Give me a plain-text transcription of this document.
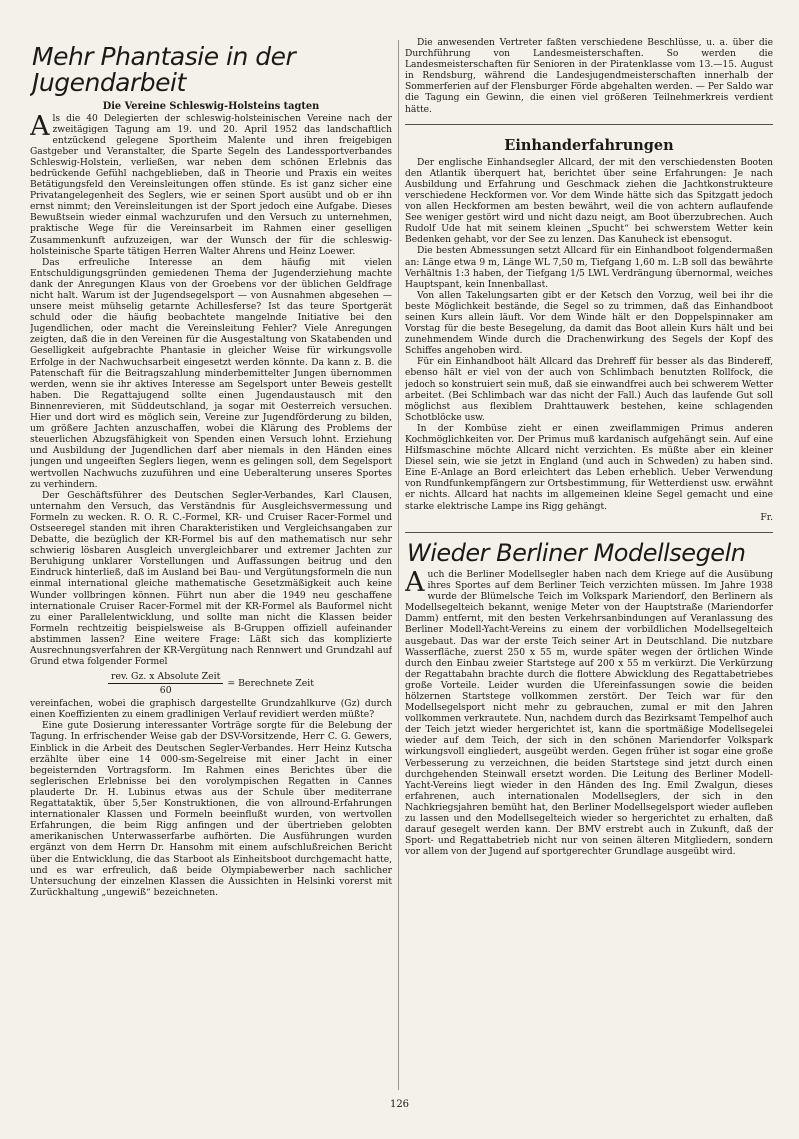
Mehr Phantasie in der Jugendarbeit
Die Vereine Schleswig-Holsteins tagten

Als die 40 Delegierten der schleswig-holsteinischen Vereine nach der zweitägigen Tagung am 19. und 20. April 1952 das landschaftlich entzückend gelegene Sportheim Malente und ihren freigebigen Gastgeber und Veranstalter, die Sparte Segeln des Landessportverbandes Schleswig-Holstein, verließen, war neben dem schönen Erlebnis das bedrückende Gefühl nachgeblieben, daß in Theorie und Praxis ein weites Betätigungsfeld den Vereinsleitungen offen stünde. Es ist ganz sicher eine Privatangelegenheit des Seglers, wie er seinen Sport ausübt und ob er ihn ernst nimmt; den Vereinsleitungen ist der Sport jedoch eine Aufgabe. Dieses Bewußtsein wieder einmal wachzurufen und den Versuch zu unternehmen, praktische Wege für die Vereinsarbeit im Rahmen einer geselligen Zusammenkunft aufzuzeigen, war der Wunsch der für die schleswig-holsteinische Sparte tätigen Herren Walter Ahrens und Heinz Loewer.

Das erfreuliche Interesse an dem häufig mit vielen Entschuldigungsgründen gemiedenen Thema der Jugenderziehung machte dank der Anregungen Klaus von der Groebens vor der üblichen Geldfrage nicht halt. Warum ist der Jugendsegelsport — von Ausnahmen abgesehen — unsere meist mühselig getarnte Achillesferse? Ist das teure Sportgerät schuld oder die häufig beobachtete mangelnde Initiative bei den Jugendlichen, oder macht die Vereinsleitung Fehler? Viele Anregungen zeigten, daß die in den Vereinen für die Ausgestaltung von Skatabenden und Geselligkeit aufgebrachte Phantasie in gleicher Weise für wirkungsvolle Erfolge in der Nachwuchsarbeit eingesetzt werden könnte. Da kann z. B. die Patenschaft für die Beitragszahlung minderbemittelter Jungen übernommen werden, wenn sie ihr aktives Interesse am Segelsport unter Beweis gestellt haben. Die Regattajugend sollte einen Jugendaustausch mit den Binnenrevieren, mit Süddeutschland, ja sogar mit Oesterreich versuchen. Hier und dort wird es möglich sein, Vereine zur Jugendförderung zu bilden, um größere Jachten anzuschaffen, wobei die Klärung des Problems der steuerlichen Abzugsfähigkeit von Spenden einen Versuch lohnt. Erziehung und Ausbildung der Jugendlichen darf aber niemals in den Händen eines jungen und ungeeiften Seglers liegen, wenn es gelingen soll, dem Segelsport wertvollen Nachwuchs zuzuführen und eine Ueberalterung unseres Sportes zu verhindern.

Der Geschäftsführer des Deutschen Segler-Verbandes, Karl Clausen, unternahm den Versuch, das Verständnis für Ausgleichsvermessung und Formeln zu wecken. R. O. R. C.-Formel, KR- und Cruiser Racer-Formel und Ostseeregel standen mit ihren Charakteristiken und Vergleichsangaben zur Debatte, die bezüglich der KR-Formel bis auf den mathematisch nur sehr schwierig lösbaren Ausgleich unvergleichbarer und extremer Jachten zur Beruhigung unklarer Vorstellungen und Auffassungen beitrug und den Eindruck hinterließ, daß im Ausland bei Bau- und Vergütungsformeln die nun einmal international gleiche mathematische Gesetzmäßigkeit auch keine Wunder vollbringen können. Führt nun aber die 1949 neu geschaffene internationale Cruiser Racer-Formel mit der KR-Formel als Bauformel nicht zu einer Parallelentwicklung, und sollte man nicht die Klassen beider Formeln rechtzeitig beispielsweise als B-Gruppen offiziell aufeinander abstimmen lassen? Eine weitere Frage: Läßt sich das komplizierte Ausrechnungsverfahren der KR-Vergütung nach Rennwert und Grundzahl auf Grund etwa folgender Formel

$\frac{\text{rev. Gz. x Absolute Zeit}}{60}$ = Berechnete Zeit

vereinfachen, wobei die graphisch dargestellte Grundzahlkurve (Gz) durch einen Koeffizienten zu einem gradlinigen Verlauf revidiert werden müßte?

Eine gute Dosierung interessanter Vorträge sorgte für die Belebung der Tagung. In erfrischender Weise gab der DSV-Vorsitzende, Herr C. G. Gewers, Einblick in die Arbeit des Deutschen Segler-Verbandes. Herr Heinz Kutscha erzählte über eine 14 000-sm-Segelreise mit einer Jacht in einer begeisternden Vortragsform. Im Rahmen eines Berichtes über die seglerischen Erlebnisse bei den vorolympischen Regatten in Cannes plauderte Dr. H. Lubinus etwas aus der Schule über mediterrane Regattataktik, über 5,5er Konstruktionen, die von allround-Erfahrungen internationaler Klassen und Formeln beeinflußt wurden, von wertvollen Erfahrungen, die beim Rigg anfingen und der übertrieben gelobten amerikanischen Unterwasserfarbe aufhörten. Die Ausführungen wurden ergänzt von dem Herrn Dr. Hansohm mit einem aufschlußreichen Bericht über die Entwicklung, die das Starboot als Einheitsboot durchgemacht hatte, und es war erfreulich, daß beide Olympiabewerber nach sachlicher Untersuchung der einzelnen Klassen die Aussichten in Helsinki vorerst mit Zurückhaltung „ungewiß“ bezeichneten.

Die anwesenden Vertreter faßten verschiedene Beschlüsse, u. a. über die Durchführung von Landesmeisterschaften. So werden die Landesmeisterschaften für Senioren in der Piratenklasse vom 13.—15. August in Rendsburg, während die Landesjugendmeisterschaften innerhalb der Sommerferien auf der Flensburger Förde abgehalten werden. — Per Saldo war die Tagung ein Gewinn, die einen viel größeren Teilnehmerkreis verdient hätte.

Einhanderfahrungen

Der englische Einhandsegler Allcard, der mit den verschiedensten Booten den Atlantik überquert hat, berichtet über seine Erfahrungen: Je nach Ausbildung und Erfahrung und Geschmack ziehen die Jachtkonstrukteure verschiedene Heckformen vor. Vor dem Winde hätte sich das Spitzgatt jedoch von allen Heckformen am besten bewährt, weil die von achtern auflaufende See weniger gestört wird und nicht dazu neigt, am Boot überzubrechen. Auch Rudolf Ude hat mit seinem kleinen „Spucht“ bei schwerstem Wetter kein Bedenken gehabt, vor der See zu lenzen. Das Kanuheck ist ebensogut.

Die besten Abmessungen setzt Allcard für ein Einhandboot folgendermaßen an: Länge etwa 9 m, Länge WL 7,50 m, Tiefgang 1,60 m. L:B soll das bewährte Verhältnis 1:3 haben, der Tiefgang 1/5 LWL Verdrängung übernormal, weiches Hauptspant, kein Innenballast.

Von allen Takelungsarten gibt er der Ketsch den Vorzug, weil bei ihr die beste Möglichkeit bestände, die Segel so zu trimmen, daß das Einhandboot seinen Kurs allein läuft. Vor dem Winde hält er den Doppelspinnaker am Vorstag für die beste Besegelung, da damit das Boot allein Kurs hält und bei zunehmendem Winde durch die Drachenwirkung des Segels der Kopf des Schiffes angehoben wird.

Für ein Einhandboot hält Allcard das Drehreff für besser als das Bindereff, ebenso hält er viel von der auch von Schlimbach benutzten Rollfock, die jedoch so konstruiert sein muß, daß sie einwandfrei auch bei schwerem Wetter arbeitet. (Bei Schlimbach war das nicht der Fall.) Auch das laufende Gut soll möglichst aus flexiblem Drahttauwerk bestehen, keine schlagenden Schotblöcke usw.

In der Kombüse zieht er einen zweiflammigen Primus anderen Kochmöglichkeiten vor. Der Primus muß kardanisch aufgehängt sein. Auf eine Hilfsmaschine möchte Allcard nicht verzichten. Es müßte aber ein kleiner Diesel sein, wie sie jetzt in England (und auch in Schweden) zu haben sind. Eine E-Anlage an Bord erleichtert das Leben erheblich. Ueber Verwendung von Rundfunkempfängern zur Ortsbestimmung, für Wetterdienst usw. erwähnt er nichts. Allcard hat nachts im allgemeinen kleine Segel gemacht und eine starke elektrische Lampe ins Rigg gehängt.
Fr.

Wieder Berliner Modellsegeln

Auch die Berliner Modellsegler haben nach dem Kriege auf die Ausübung ihres Sportes auf dem Berliner Teich verzichten müssen. Im Jahre 1938 wurde der Blümelsche Teich im Volkspark Mariendorf, den Berlinern als Modellsegelteich bekannt, wenige Meter von der Hauptstraße (Mariendorfer Damm) entfernt, mit den besten Verkehrsanbindungen auf Veranlassung des Berliner Modell-Yacht-Vereins zu einem der vorbildlichen Modellsegelteich ausgebaut. Das war der erste Teich seiner Art in Deutschland. Die nutzbare Wasserfläche, zuerst 250 x 55 m, wurde später wegen der örtlichen Winde durch den Einbau zweier Startstege auf 200 x 55 m verkürzt. Die Verkürzung der Regattabahn brachte durch die flottere Abwicklung des Regattabetriebes große Vorteile. Leider wurden die Ufereinfassungen sowie die beiden hölzernen Startstege vollkommen zerstört. Der Teich war für den Modellsegelsport nicht mehr zu gebrauchen, zumal er mit den Jahren vollkommen verkrautete. Nun, nachdem durch das Bezirksamt Tempelhof auch der Teich jetzt wieder hergerichtet ist, kann die sportmäßige Modellsegelei wieder auf dem Teich, der sich in den schönen Mariendorfer Volkspark wirkungsvoll eingliedert, ausgeübt werden. Gegen früher ist sogar eine große Verbesserung zu verzeichnen, die beiden Startstege sind jetzt durch einen durchgehenden Steinwall ersetzt worden. Die Leitung des Berliner Modell-Yacht-Vereins liegt wieder in den Händen des Ing. Emil Zwalgun, dieses erfahrenen, auch internationalen Modellseglers, der sich in den Nachkriegsjahren bemüht hat, den Berliner Modellsegelsport wieder aufleben zu lassen und den Modellsegelteich wieder so hergerichtet zu erhalten, daß darauf gesegelt werden kann. Der BMV erstrebt auch in Zukunft, daß der Sport- und Regattabetrieb nicht nur von seinen älteren Mitgliedern, sondern vor allem von der Jugend auf sportgerechter Grundlage ausgeübt wird.

126
